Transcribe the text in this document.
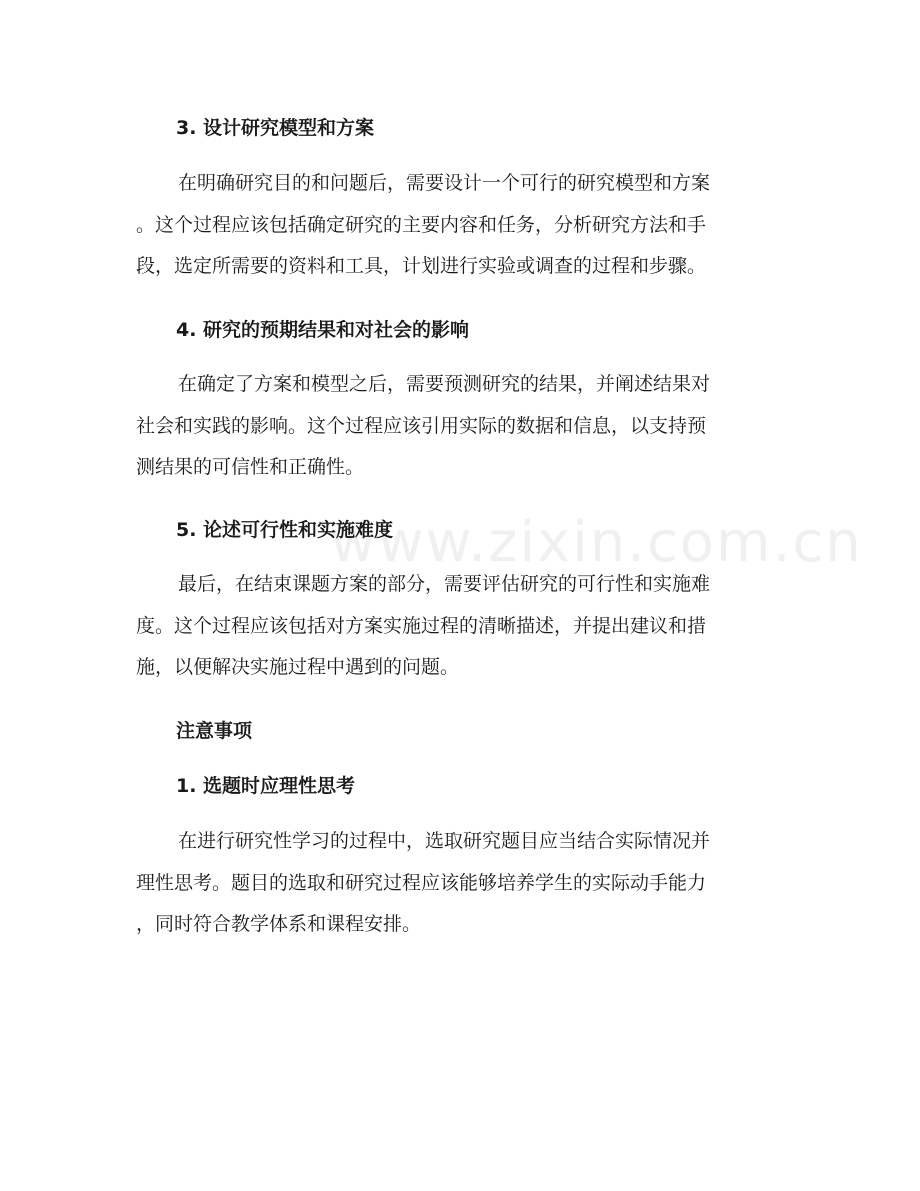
www.zixin.com.cn
3. 设计研究模型和方案
在明确研究目的和问题后，需要设计一个可行的研究模型和方案
。这个过程应该包括确定研究的主要内容和任务，分析研究方法和手
段，选定所需要的资料和工具，计划进行实验或调查的过程和步骤。
4. 研究的预期结果和对社会的影响
在确定了方案和模型之后，需要预测研究的结果，并阐述结果对
社会和实践的影响。这个过程应该引用实际的数据和信息，以支持预
测结果的可信性和正确性。
5. 论述可行性和实施难度
最后，在结束课题方案的部分，需要评估研究的可行性和实施难
度。这个过程应该包括对方案实施过程的清晰描述，并提出建议和措
施，以便解决实施过程中遇到的问题。
注意事项
1. 选题时应理性思考
在进行研究性学习的过程中，选取研究题目应当结合实际情况并
理性思考。题目的选取和研究过程应该能够培养学生的实际动手能力
，同时符合教学体系和课程安排。
